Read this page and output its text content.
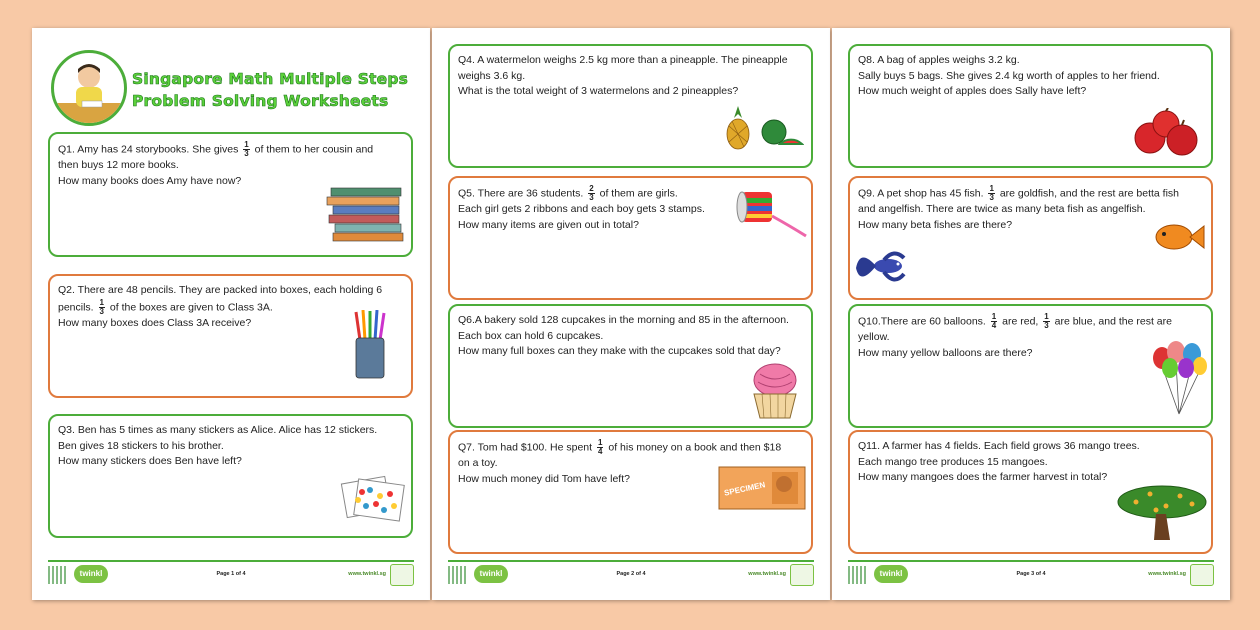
Singapore Math Multiple Steps
Problem Solving Worksheets

Q1. Amy has 24 storybooks. She gives $\frac{1}{3}$ of them to her cousin and

then buys 12 more books.

How many books does Amy have now?

Q2. There are 48 pencils. They are packed into boxes, each holding 6

pencils. $\frac{1}{3}$ of the boxes are given to Class 3A.

How many boxes does Class 3A receive?

Q3. Ben has 5 times as many stickers as Alice. Alice has 12 stickers.

Ben gives 18 stickers to his brother.

How many stickers does Ben have left?

twinkl	Page 1 of 4	www.twinkl.sg

Q4. A watermelon weighs 2.5 kg more than a pineapple. The pineapple

weighs 3.6 kg.

What is the total weight of 3 watermelons and 2 pineapples?

Q5. There are 36 students. $\frac{2}{3}$ of them are girls.

Each girl gets 2 ribbons and each boy gets 3 stamps.

How many items are given out in total?

Q6.A bakery sold 128 cupcakes in the morning and 85 in the afternoon.

Each box can hold 6 cupcakes.

How many full boxes can they make with the cupcakes sold that day?

Q7. Tom had $100. He spent $\frac{1}{4}$ of his money on a book and then $18

on a toy.

How much money did Tom have left?

SPECIMEN
twinkl	Page 2 of 4	www.twinkl.sg

Q8. A bag of apples weighs 3.2 kg.

Sally buys 5 bags. She gives 2.4 kg worth of apples to her friend.

How much weight of apples does Sally have left?

Q9. A pet shop has 45 fish. $\frac{1}{3}$ are goldfish, and the rest are betta fish

and angelfish. There are twice as many beta fish as angelfish.

How many beta fishes are there?

Q10.There are 60 balloons. $\frac{1}{4}$ are red, $\frac{1}{3}$ are blue, and the rest are yellow.

How many yellow balloons are there?

Q11. A farmer has 4 fields. Each field grows 36 mango trees.

Each mango tree produces 15 mangoes.

How many mangoes does the farmer harvest in total?

twinkl	Page 3 of 4	www.twinkl.sg
